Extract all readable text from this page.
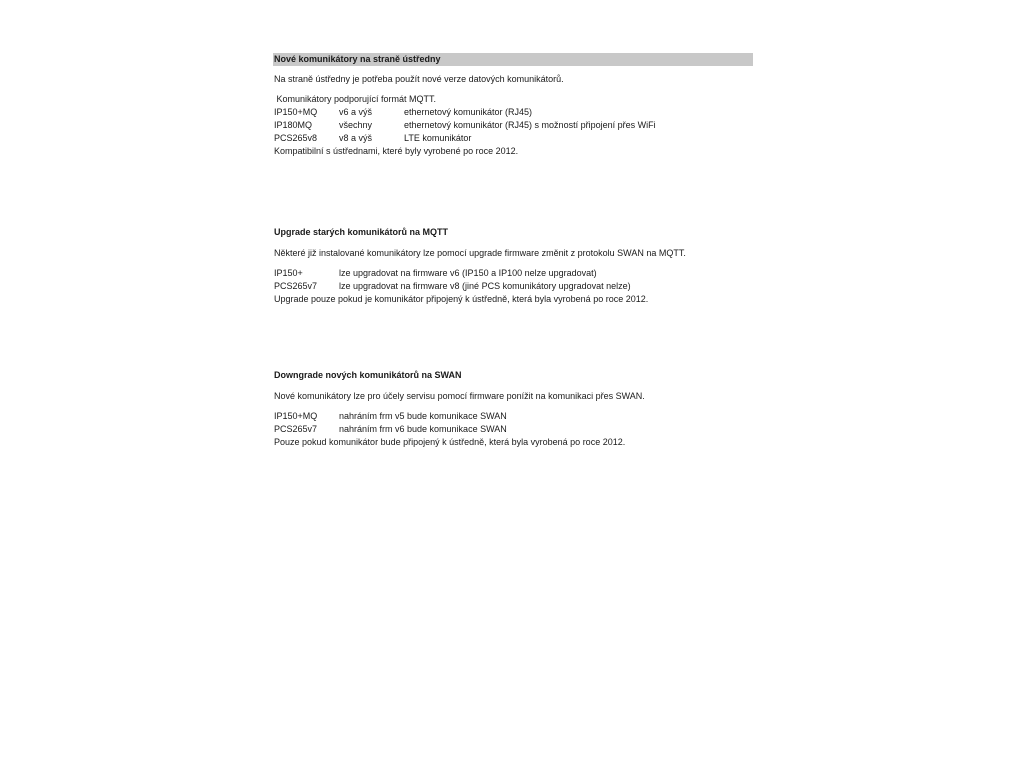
Nové komunikátory na straně ústředny
Na straně ústředny je potřeba použít nové verze datových komunikátorů.
Komunikátory podporující formát MQTT.
IP150+MQ	v6 a výš	ethernetový komunikátor (RJ45)
IP180MQ	všechny	ethernetový komunikátor (RJ45) s možností připojení přes WiFi
PCS265v8	v8 a výš	LTE komunikátor
Kompatibilní s ústřednami, které byly vyrobené po roce 2012.
Upgrade starých komunikátorů na MQTT
Některé již instalované komunikátory lze pomocí upgrade firmware změnit z protokolu SWAN na MQTT.
IP150+	lze upgradovat na firmware v6 (IP150 a IP100 nelze upgradovat)
PCS265v7	lze upgradovat na firmware v8 (jiné PCS komunikátory upgradovat nelze)
Upgrade pouze pokud je komunikátor připojený k ústředně, která byla vyrobená po roce 2012.
Downgrade nových komunikátorů na SWAN
Nové komunikátory lze pro účely servisu pomocí firmware ponížit na komunikaci přes SWAN.
IP150+MQ	nahráním frm v5 bude komunikace SWAN
PCS265v7	nahráním frm v6 bude komunikace SWAN
Pouze pokud komunikátor bude připojený k ústředně, která byla vyrobená po roce 2012.
